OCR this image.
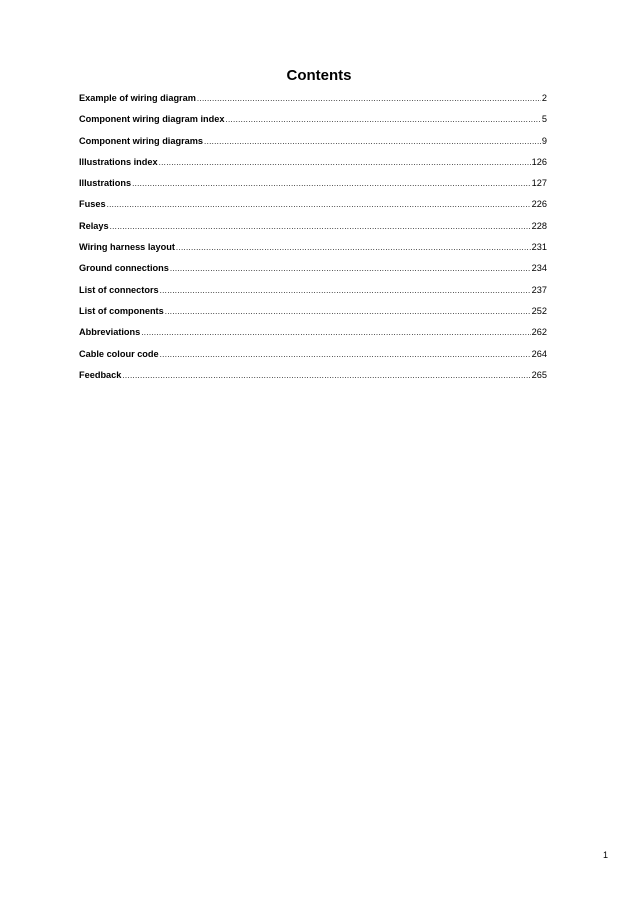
Contents
Example of wiring diagram .....	2
Component wiring diagram index .....	5
Component wiring diagrams .....	9
Illustrations index .....	126
Illustrations .....	127
Fuses .....	226
Relays .....	228
Wiring harness layout .....	231
Ground connections .....	234
List of connectors .....	237
List of components .....	252
Abbreviations .....	262
Cable colour code .....	264
Feedback .....	265
1
